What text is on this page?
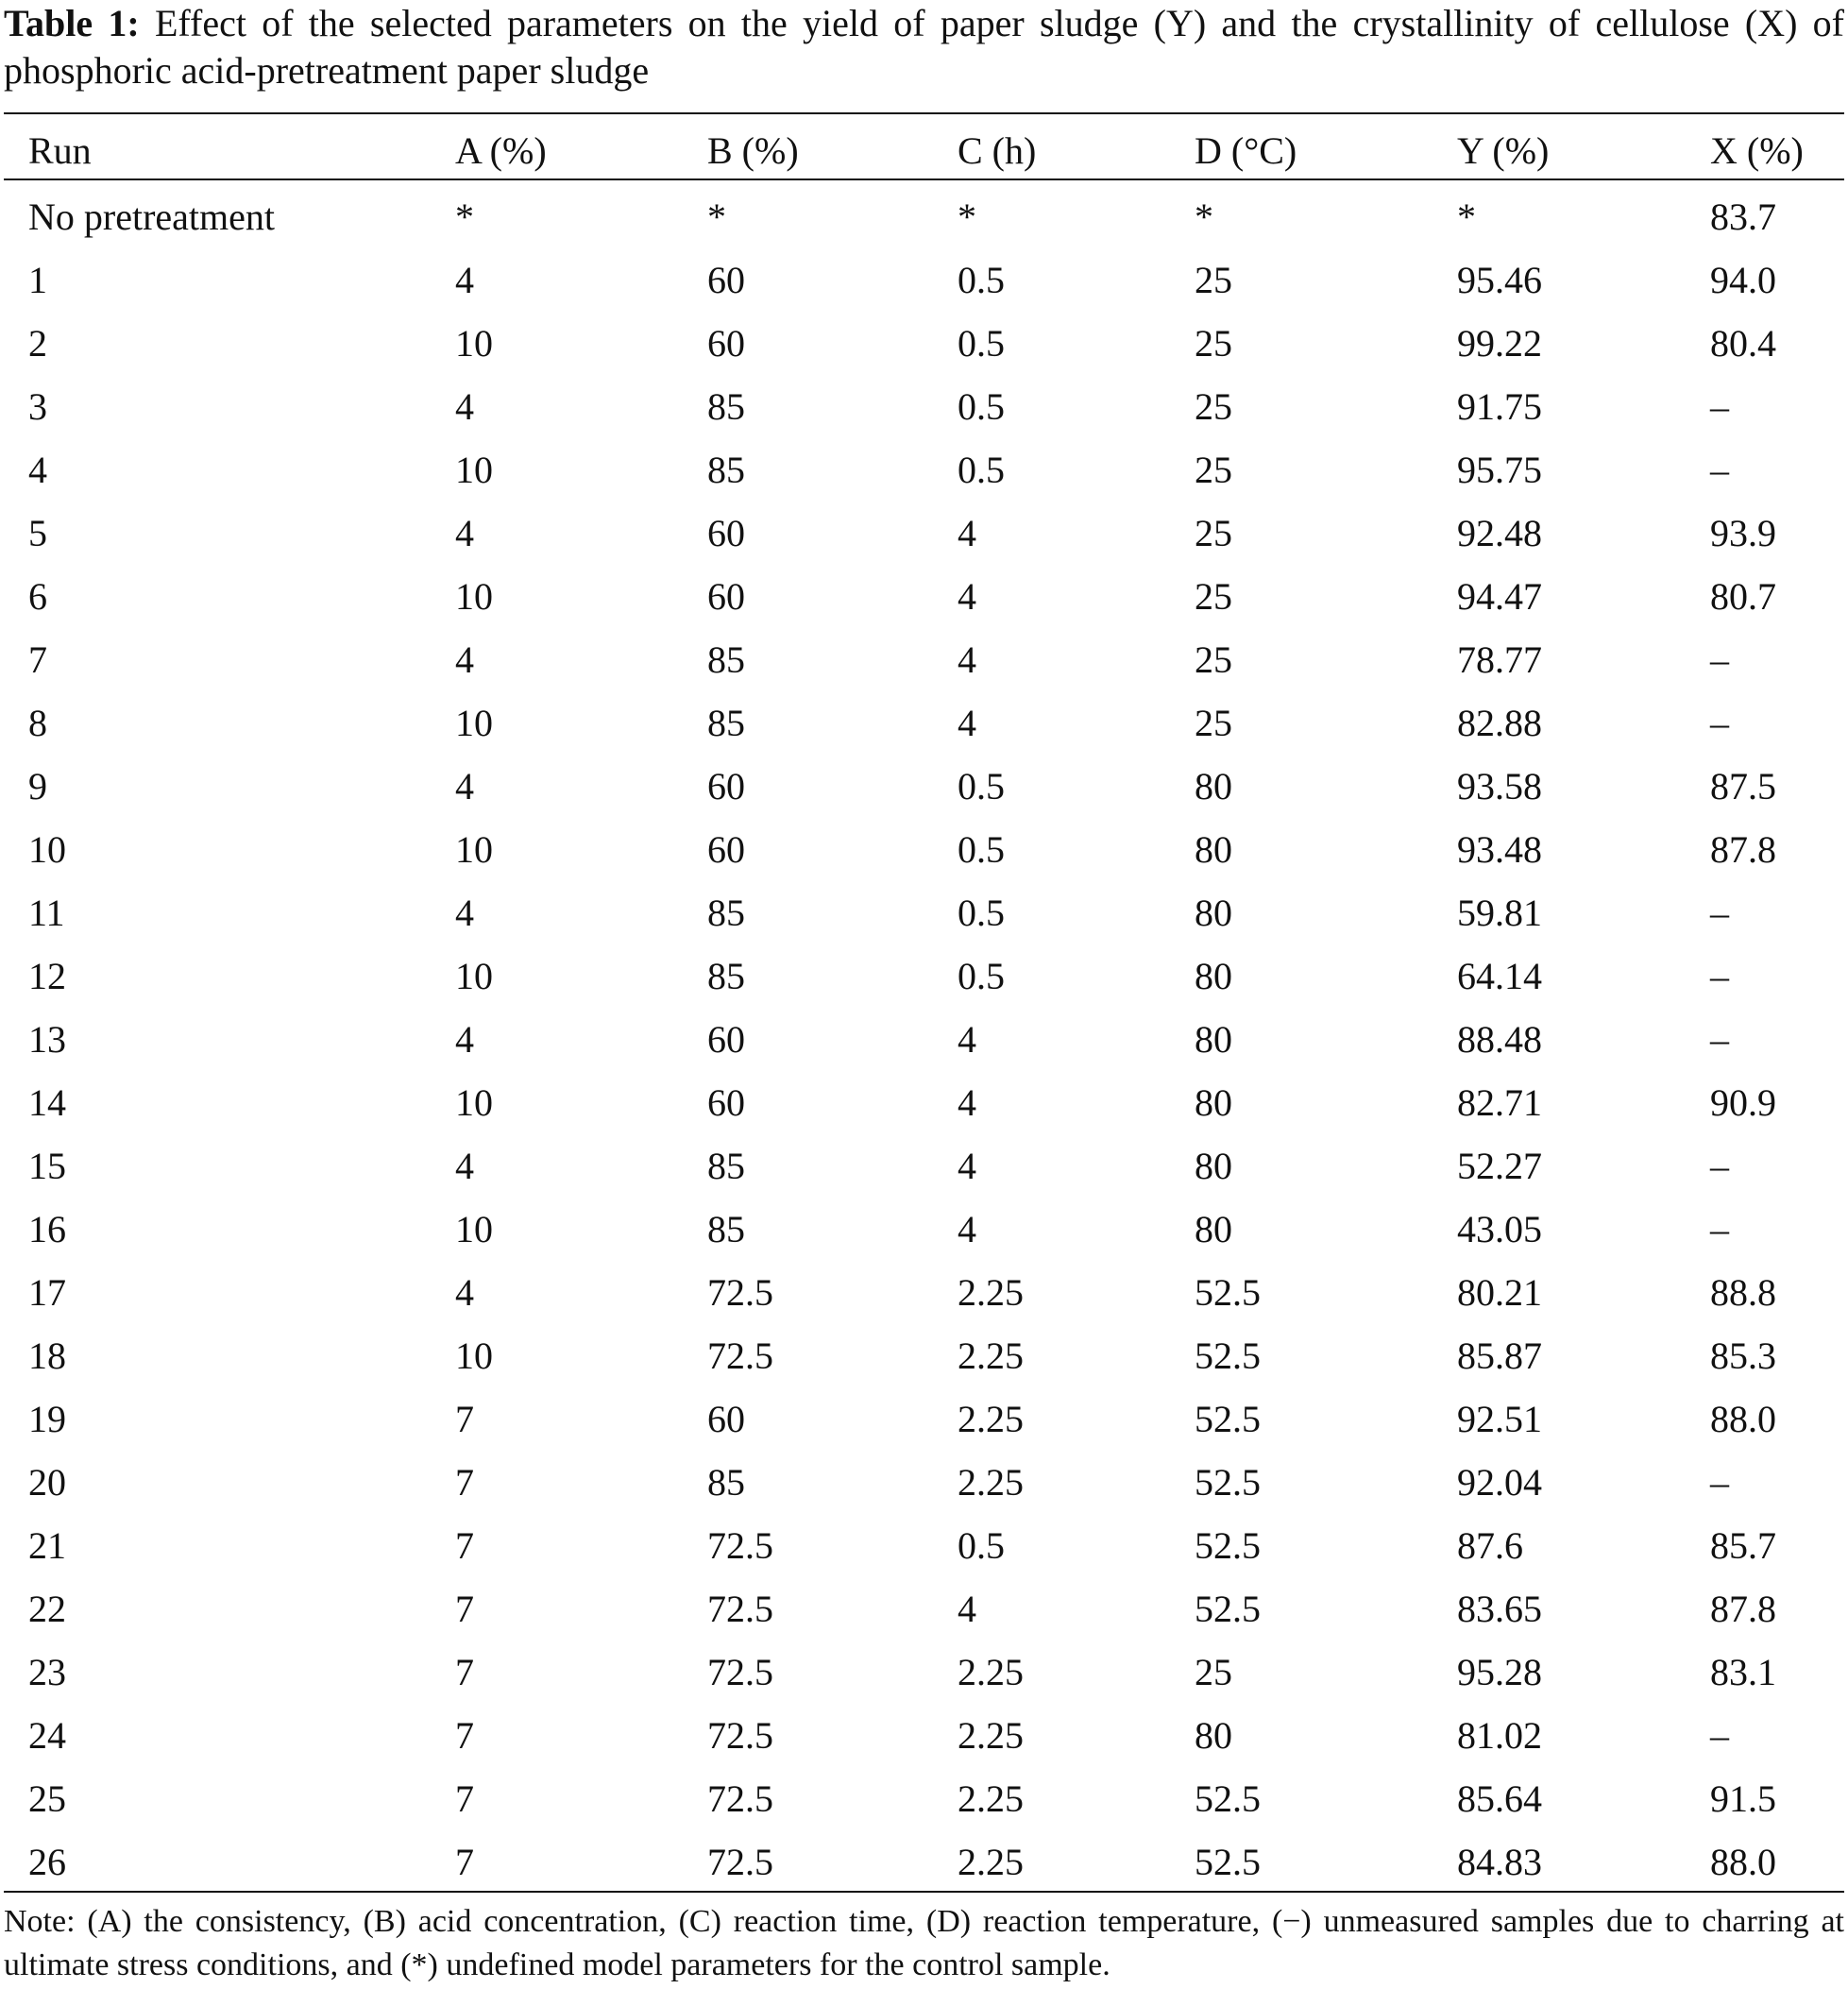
Table 1: Effect of the selected parameters on the yield of paper sludge (Y) and the crystallinity of cellulose (X) of phosphoric acid-pretreatment paper sludge
Run	A (%)	B (%)	C (h)	D (°C)	Y (%)	X (%)
No pretreatment	*	*	*	*	*	83.7
1	4	60	0.5	25	95.46	94.0
2	10	60	0.5	25	99.22	80.4
3	4	85	0.5	25	91.75	–
4	10	85	0.5	25	95.75	–
5	4	60	4	25	92.48	93.9
6	10	60	4	25	94.47	80.7
7	4	85	4	25	78.77	–
8	10	85	4	25	82.88	–
9	4	60	0.5	80	93.58	87.5
10	10	60	0.5	80	93.48	87.8
11	4	85	0.5	80	59.81	–
12	10	85	0.5	80	64.14	–
13	4	60	4	80	88.48	–
14	10	60	4	80	82.71	90.9
15	4	85	4	80	52.27	–
16	10	85	4	80	43.05	–
17	4	72.5	2.25	52.5	80.21	88.8
18	10	72.5	2.25	52.5	85.87	85.3
19	7	60	2.25	52.5	92.51	88.0
20	7	85	2.25	52.5	92.04	–
21	7	72.5	0.5	52.5	87.6	85.7
22	7	72.5	4	52.5	83.65	87.8
23	7	72.5	2.25	25	95.28	83.1
24	7	72.5	2.25	80	81.02	–
25	7	72.5	2.25	52.5	85.64	91.5
26	7	72.5	2.25	52.5	84.83	88.0
Note: (A) the consistency, (B) acid concentration, (C) reaction time, (D) reaction temperature, (−) unmeasured samples due to charring at ultimate stress conditions, and (*) undefined model parameters for the control sample.
